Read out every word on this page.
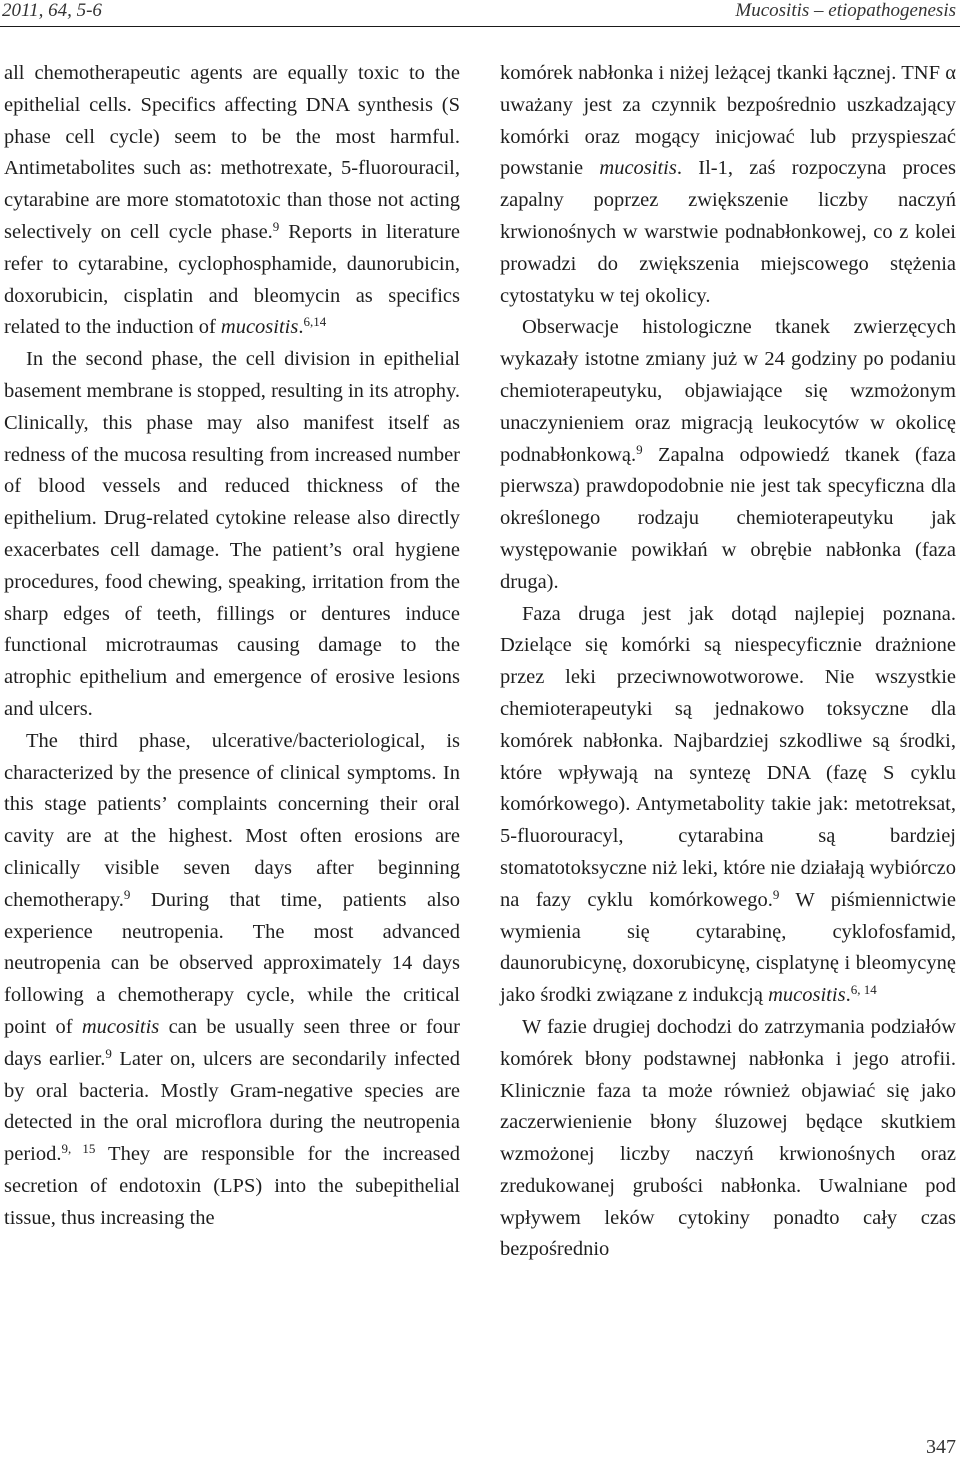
2011, 64, 5-6	Mucositis – etiopathogenesis

all chemotherapeutic agents are equally toxic to the epithelial cells. Specifics affecting DNA synthesis (S phase cell cycle) seem to be the most harmful. Antimetabolites such as: methotrexate, 5-fluorouracil, cytarabine are more stomatotoxic than those not acting selectively on cell cycle phase.$^9$ Reports in literature refer to cytarabine, cyclophosphamide, daunorubicin, doxorubicin, cisplatin and bleomycin as specifics related to the induction of mucositis.$^{6,14}$

In the second phase, the cell division in epithelial basement membrane is stopped, resulting in its atrophy. Clinically, this phase may also manifest itself as redness of the mucosa resulting from increased number of blood vessels and reduced thickness of the epithelium. Drug-related cytokine release also directly exacerbates cell damage. The patient’s oral hygiene procedures, food chewing, speaking, irritation from the sharp edges of teeth, fillings or dentures induce functional microtraumas causing damage to the atrophic epithelium and emergence of erosive lesions and ulcers.

The third phase, ulcerative/bacteriological, is characterized by the presence of clinical symptoms. In this stage patients’ complaints concerning their oral cavity are at the highest. Most often erosions are clinically visible seven days after beginning chemotherapy.$^9$ During that time, patients also experience neutropenia. The most advanced neutropenia can be observed approximately 14 days following a chemotherapy cycle, while the critical point of mucositis can be usually seen three or four days earlier.$^9$ Later on, ulcers are secondarily infected by oral bacteria. Mostly Gram-negative species are detected in the oral microflora during the neutropenia period.$^{9, 15}$ They are responsible for the increased secretion of endotoxin (LPS) into the subepithelial tissue, thus increasing the

komórek nabłonka i niżej leżącej tkanki łącznej. TNF α uważany jest za czynnik bezpośrednio uszkadzający komórki oraz mogący inicjować lub przyspieszać powstanie mucositis. Il-1, zaś rozpoczyna proces zapalny poprzez zwiększenie liczby naczyń krwionośnych w warstwie podnabłonkowej, co z kolei prowadzi do zwiększenia miejscowego stężenia cytostatyku w tej okolicy.

Obserwacje histologiczne tkanek zwierzęcych wykazały istotne zmiany już w 24 godziny po podaniu chemioterapeutyku, objawiające się wzmożonym unaczynieniem oraz migracją leukocytów w okolicę podnabłonkową.$^9$ Zapalna odpowiedź tkanek (faza pierwsza) prawdopodobnie nie jest tak specyficzna dla określonego rodzaju chemioterapeutyku jak występowanie powikłań w obrębie nabłonka (faza druga).

Faza druga jest jak dotąd najlepiej poznana. Dzielące się komórki są niespecyficznie drażnione przez leki przeciwnowotworowe. Nie wszystkie chemioterapeutyki są jednakowo toksyczne dla komórek nabłonka. Najbardziej szkodliwe są środki, które wpływają na syntezę DNA (fazę S cyklu komórkowego). Antymetabolity takie jak: metotreksat, 5-fluorouracyl, cytarabina są bardziej stomatotoksyczne niż leki, które nie działają wybiórczo na fazy cyklu komórkowego.$^9$ W piśmiennictwie wymienia się cytarabinę, cyklofosfamid, daunorubicynę, doxorubicynę, cisplatynę i bleomycynę jako środki związane z indukcją mucositis.$^{6, 14}$

W fazie drugiej dochodzi do zatrzymania podziałów komórek błony podstawnej nabłonka i jego atrofii. Klinicznie faza ta może również objawiać się jako zaczerwienienie błony śluzowej będące skutkiem wzmożonej liczby naczyń krwionośnych oraz zredukowanej grubości nabłonka. Uwalniane pod wpływem leków cytokiny ponadto cały czas bezpośrednio

347
